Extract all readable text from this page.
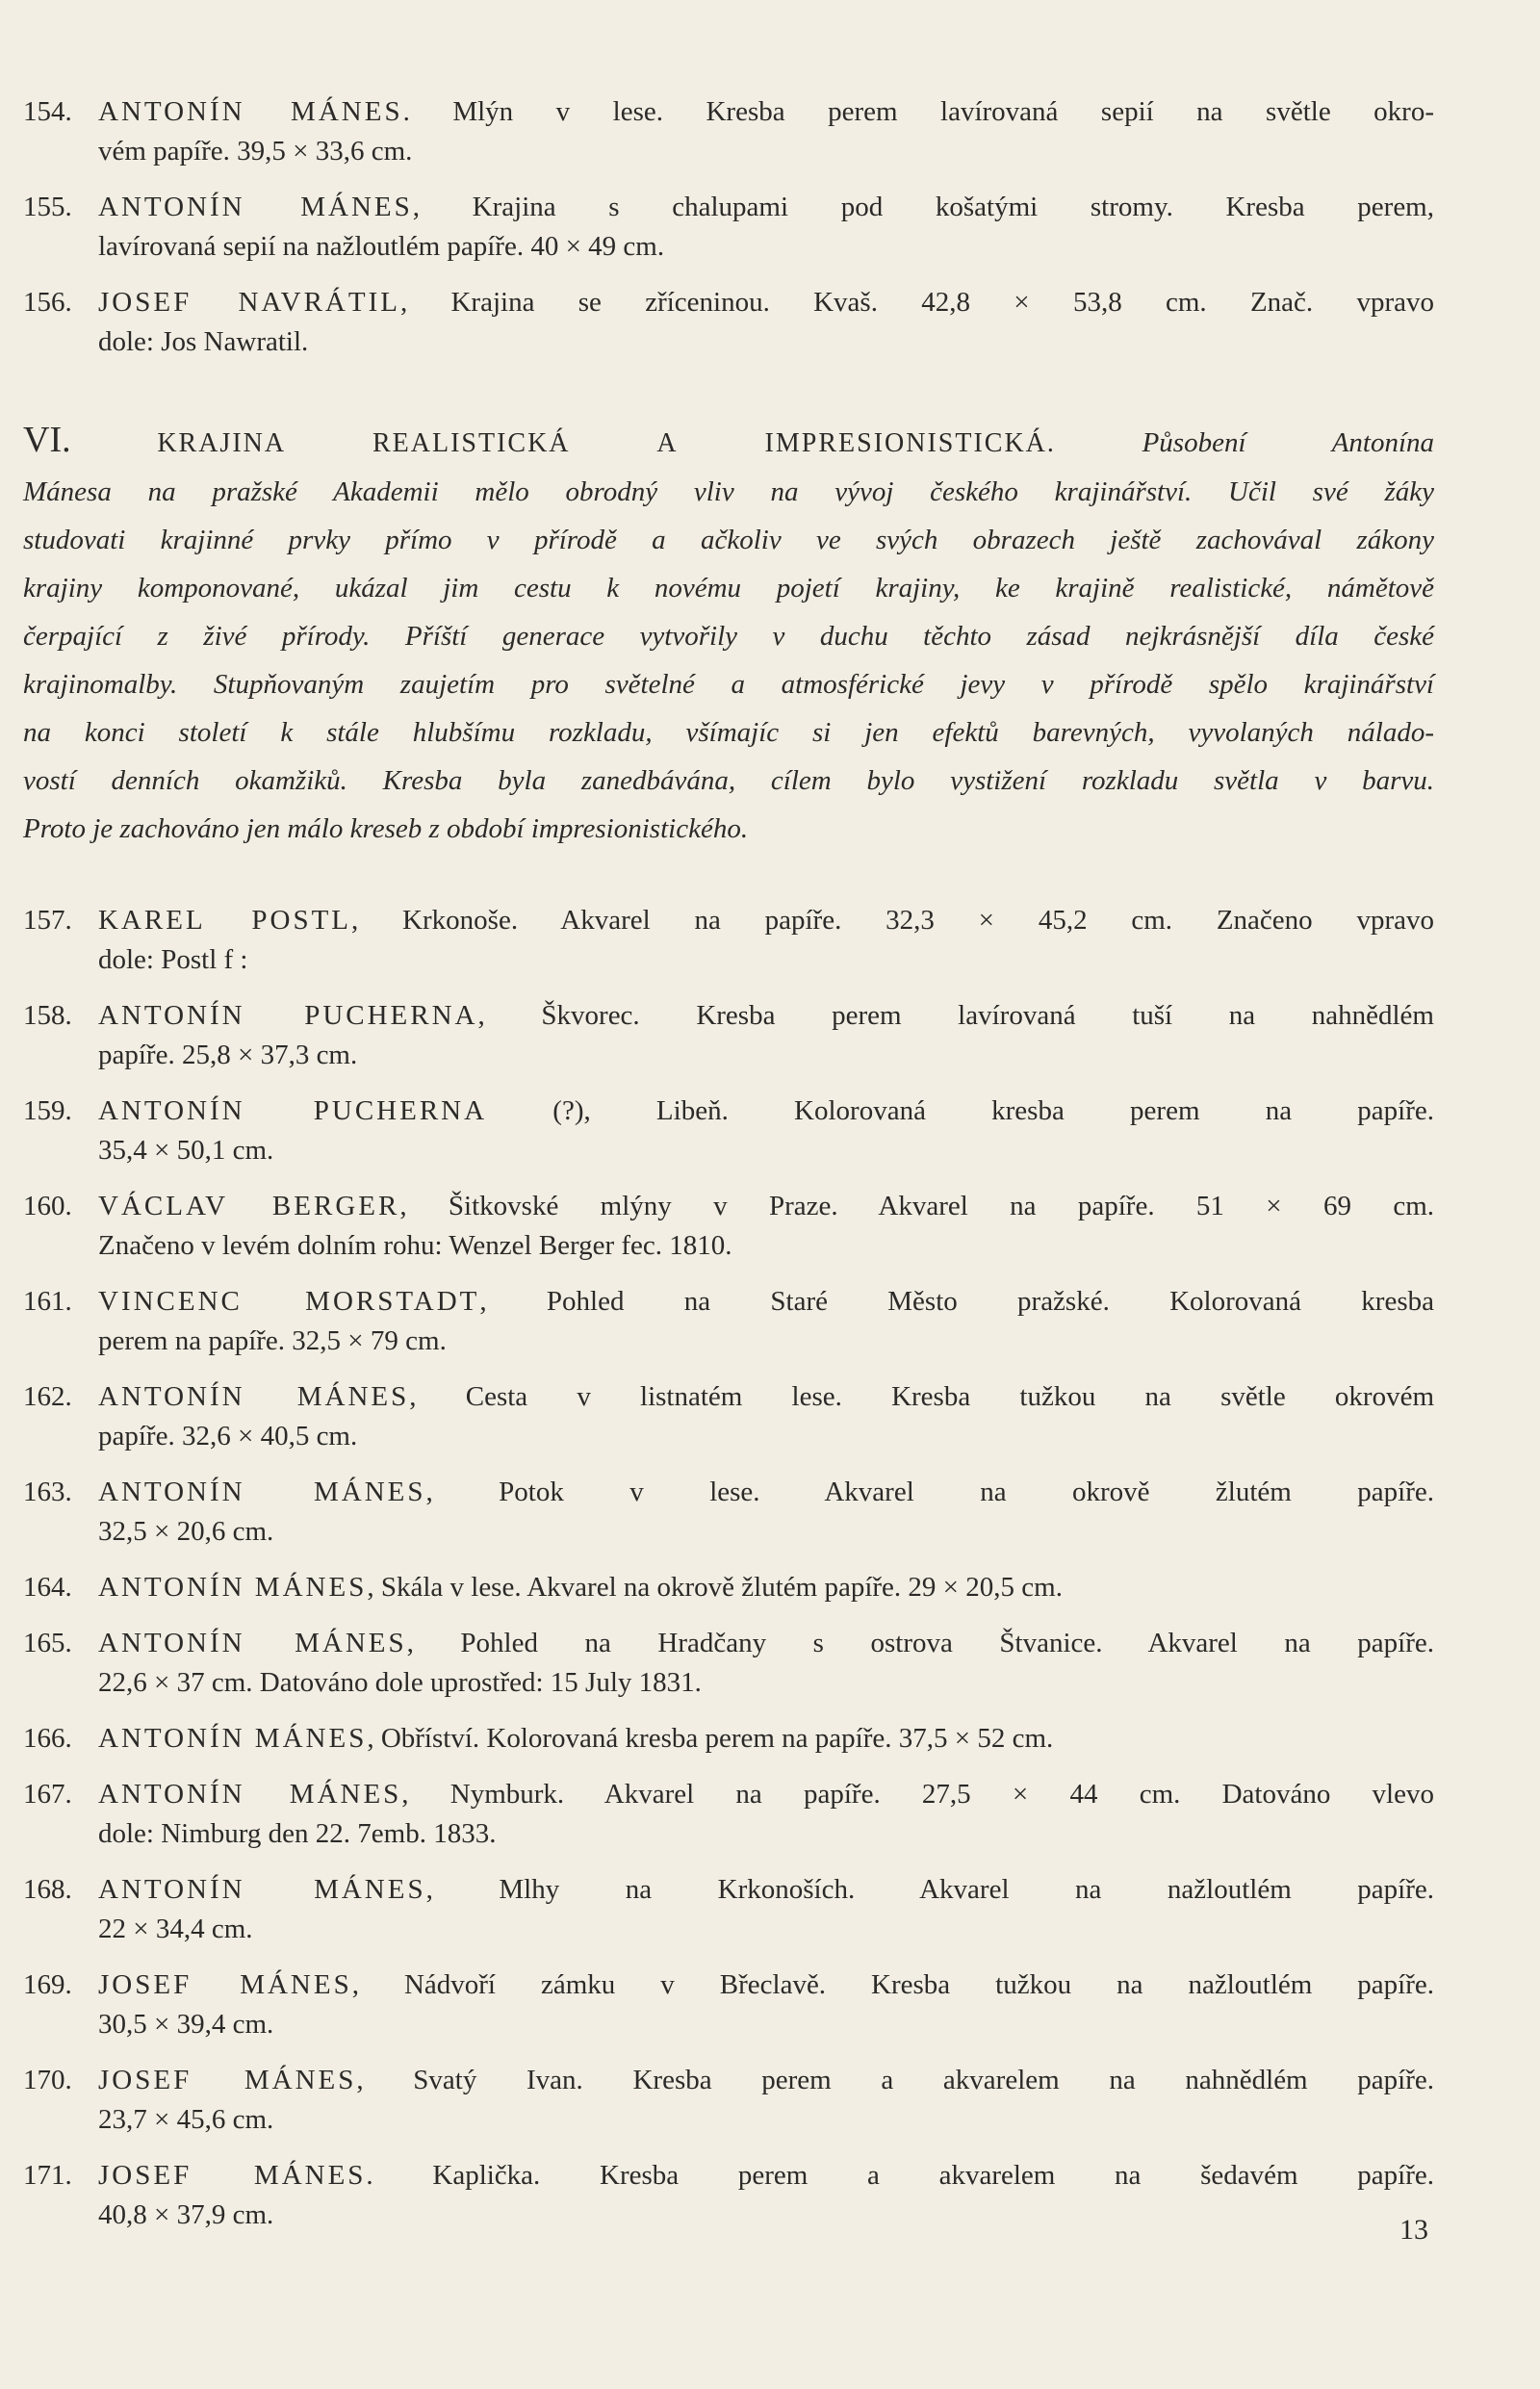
154. ANTONÍN MÁNES. Mlýn v lese. Kresba perem lavírovaná sepií na světle okro-
vém papíře. 39,5 × 33,6 cm.
155. ANTONÍN MÁNES, Krajina s chalupami pod košatými stromy. Kresba perem,
lavírovaná sepií na nažloutlém papíře. 40 × 49 cm.
156. JOSEF NAVRÁTIL, Krajina se zříceninou. Kvaš. 42,8 × 53,8 cm. Znač. vpravo
dole: Jos Nawratil.
VI.	KRAJINA REALISTICKÁ A IMPRESIONISTICKÁ. Působení Antonína
Mánesa na pražské Akademii mělo obrodný vliv na vývoj českého krajinářství. Učil své žáky
studovati krajinné prvky přímo v přírodě a ačkoliv ve svých obrazech ještě zachovával zákony
krajiny komponované, ukázal jim cestu k novému pojetí krajiny, ke krajině realistické, námětově
čerpající z živé přírody. Příští generace vytvořily v duchu těchto zásad nejkrásnější díla české
krajinomalby. Stupňovaným zaujetím pro světelné a atmosférické jevy v přírodě spělo krajinářství
na konci století k stále hlubšímu rozkladu, všímajíc si jen efektů barevných, vyvolaných nálado-
vostí denních okamžiků. Kresba byla zanedbávána, cílem bylo vystižení rozkladu světla v barvu.
Proto je zachováno jen málo kreseb z období impresionistického.
157. KAREL POSTL, Krkonoše. Akvarel na papíře. 32,3 × 45,2 cm. Značeno vpravo
dole: Postl f :
158. ANTONÍN PUCHERNA, Škvorec. Kresba perem lavírovaná tuší na nahnědlém
papíře. 25,8 × 37,3 cm.
159. ANTONÍN PUCHERNA (?), Libeň. Kolorovaná kresba perem na papíře.
35,4 × 50,1 cm.
160. VÁCLAV BERGER, Šitkovské mlýny v Praze. Akvarel na papíře. 51 × 69 cm.
Značeno v levém dolním rohu: Wenzel Berger fec. 1810.
161. VINCENC MORSTADT, Pohled na Staré Město pražské. Kolorovaná kresba
perem na papíře. 32,5 × 79 cm.
162. ANTONÍN MÁNES, Cesta v listnatém lese. Kresba tužkou na světle okrovém
papíře. 32,6 × 40,5 cm.
163. ANTONÍN MÁNES, Potok v lese. Akvarel na okrově žlutém papíře.
32,5 × 20,6 cm.
164. ANTONÍN MÁNES, Skála v lese. Akvarel na okrově žlutém papíře. 29 × 20,5 cm.
165. ANTONÍN MÁNES, Pohled na Hradčany s ostrova Štvanice. Akvarel na papíře.
22,6 × 37 cm. Datováno dole uprostřed: 15 July 1831.
166. ANTONÍN MÁNES, Obříství. Kolorovaná kresba perem na papíře. 37,5 × 52 cm.
167. ANTONÍN MÁNES, Nymburk. Akvarel na papíře. 27,5 × 44 cm. Datováno vlevo
dole: Nimburg den 22. 7emb. 1833.
168. ANTONÍN MÁNES, Mlhy na Krkonoších. Akvarel na nažloutlém papíře.
22 × 34,4 cm.
169. JOSEF MÁNES, Nádvoří zámku v Břeclavě. Kresba tužkou na nažloutlém papíře.
30,5 × 39,4 cm.
170. JOSEF MÁNES, Svatý Ivan. Kresba perem a akvarelem na nahnědlém papíře.
23,7 × 45,6 cm.
171. JOSEF MÁNES. Kaplička. Kresba perem a akvarelem na šedavém papíře.
40,8 × 37,9 cm.	13
